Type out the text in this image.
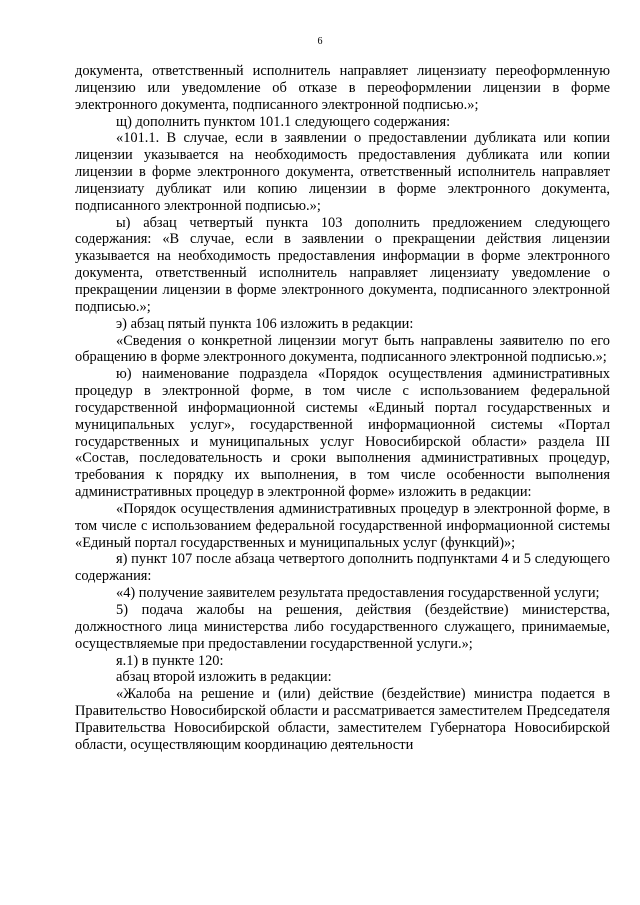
6

документа, ответственный исполнитель направляет лицензиату переоформленную лицензию или уведомление об отказе в переоформлении лицензии в форме электронного документа, подписанного электронной подписью.»;

щ) дополнить пунктом 101.1 следующего содержания:

«101.1. В случае, если в заявлении о предоставлении дубликата или копии лицензии указывается на необходимость предоставления дубликата или копии лицензии в форме электронного документа, ответственный исполнитель направляет лицензиату дубликат или копию лицензии в форме электронного документа, подписанного электронной подписью.»;

ы) абзац четвертый пункта 103 дополнить предложением следующего содержания: «В случае, если в заявлении о прекращении действия лицензии указывается на необходимость предоставления информации в форме электронного документа, ответственный исполнитель направляет лицензиату уведомление о прекращении лицензии в форме электронного документа, подписанного электронной подписью.»;

э) абзац пятый пункта 106 изложить в редакции:

«Сведения о конкретной лицензии могут быть направлены заявителю по его обращению в форме электронного документа, подписанного электронной подписью.»;

ю) наименование подраздела «Порядок осуществления административных процедур в электронной форме, в том числе с использованием федеральной государственной информационной системы «Единый портал государственных и муниципальных услуг», государственной информационной системы «Портал государственных и муниципальных услуг Новосибирской области» раздела III «Состав, последовательность и сроки выполнения административных процедур, требования к порядку их выполнения, в том числе особенности выполнения административных процедур в электронной форме» изложить в редакции:

«Порядок осуществления административных процедур в электронной форме, в том числе с использованием федеральной государственной информационной системы «Единый портал государственных и муниципальных услуг (функций)»;

я) пункт 107 после абзаца четвертого дополнить подпунктами 4 и 5 следующего содержания:

«4) получение заявителем результата предоставления государственной услуги;

5) подача жалобы на решения, действия (бездействие) министерства, должностного лица министерства либо государственного служащего, принимаемые, осуществляемые при предоставлении государственной услуги.»;

я.1) в пункте 120:

абзац второй изложить в редакции:

«Жалоба на решение и (или) действие (бездействие) министра подается в Правительство Новосибирской области и рассматривается заместителем Председателя Правительства Новосибирской области, заместителем Губернатора Новосибирской области, осуществляющим координацию деятельности
